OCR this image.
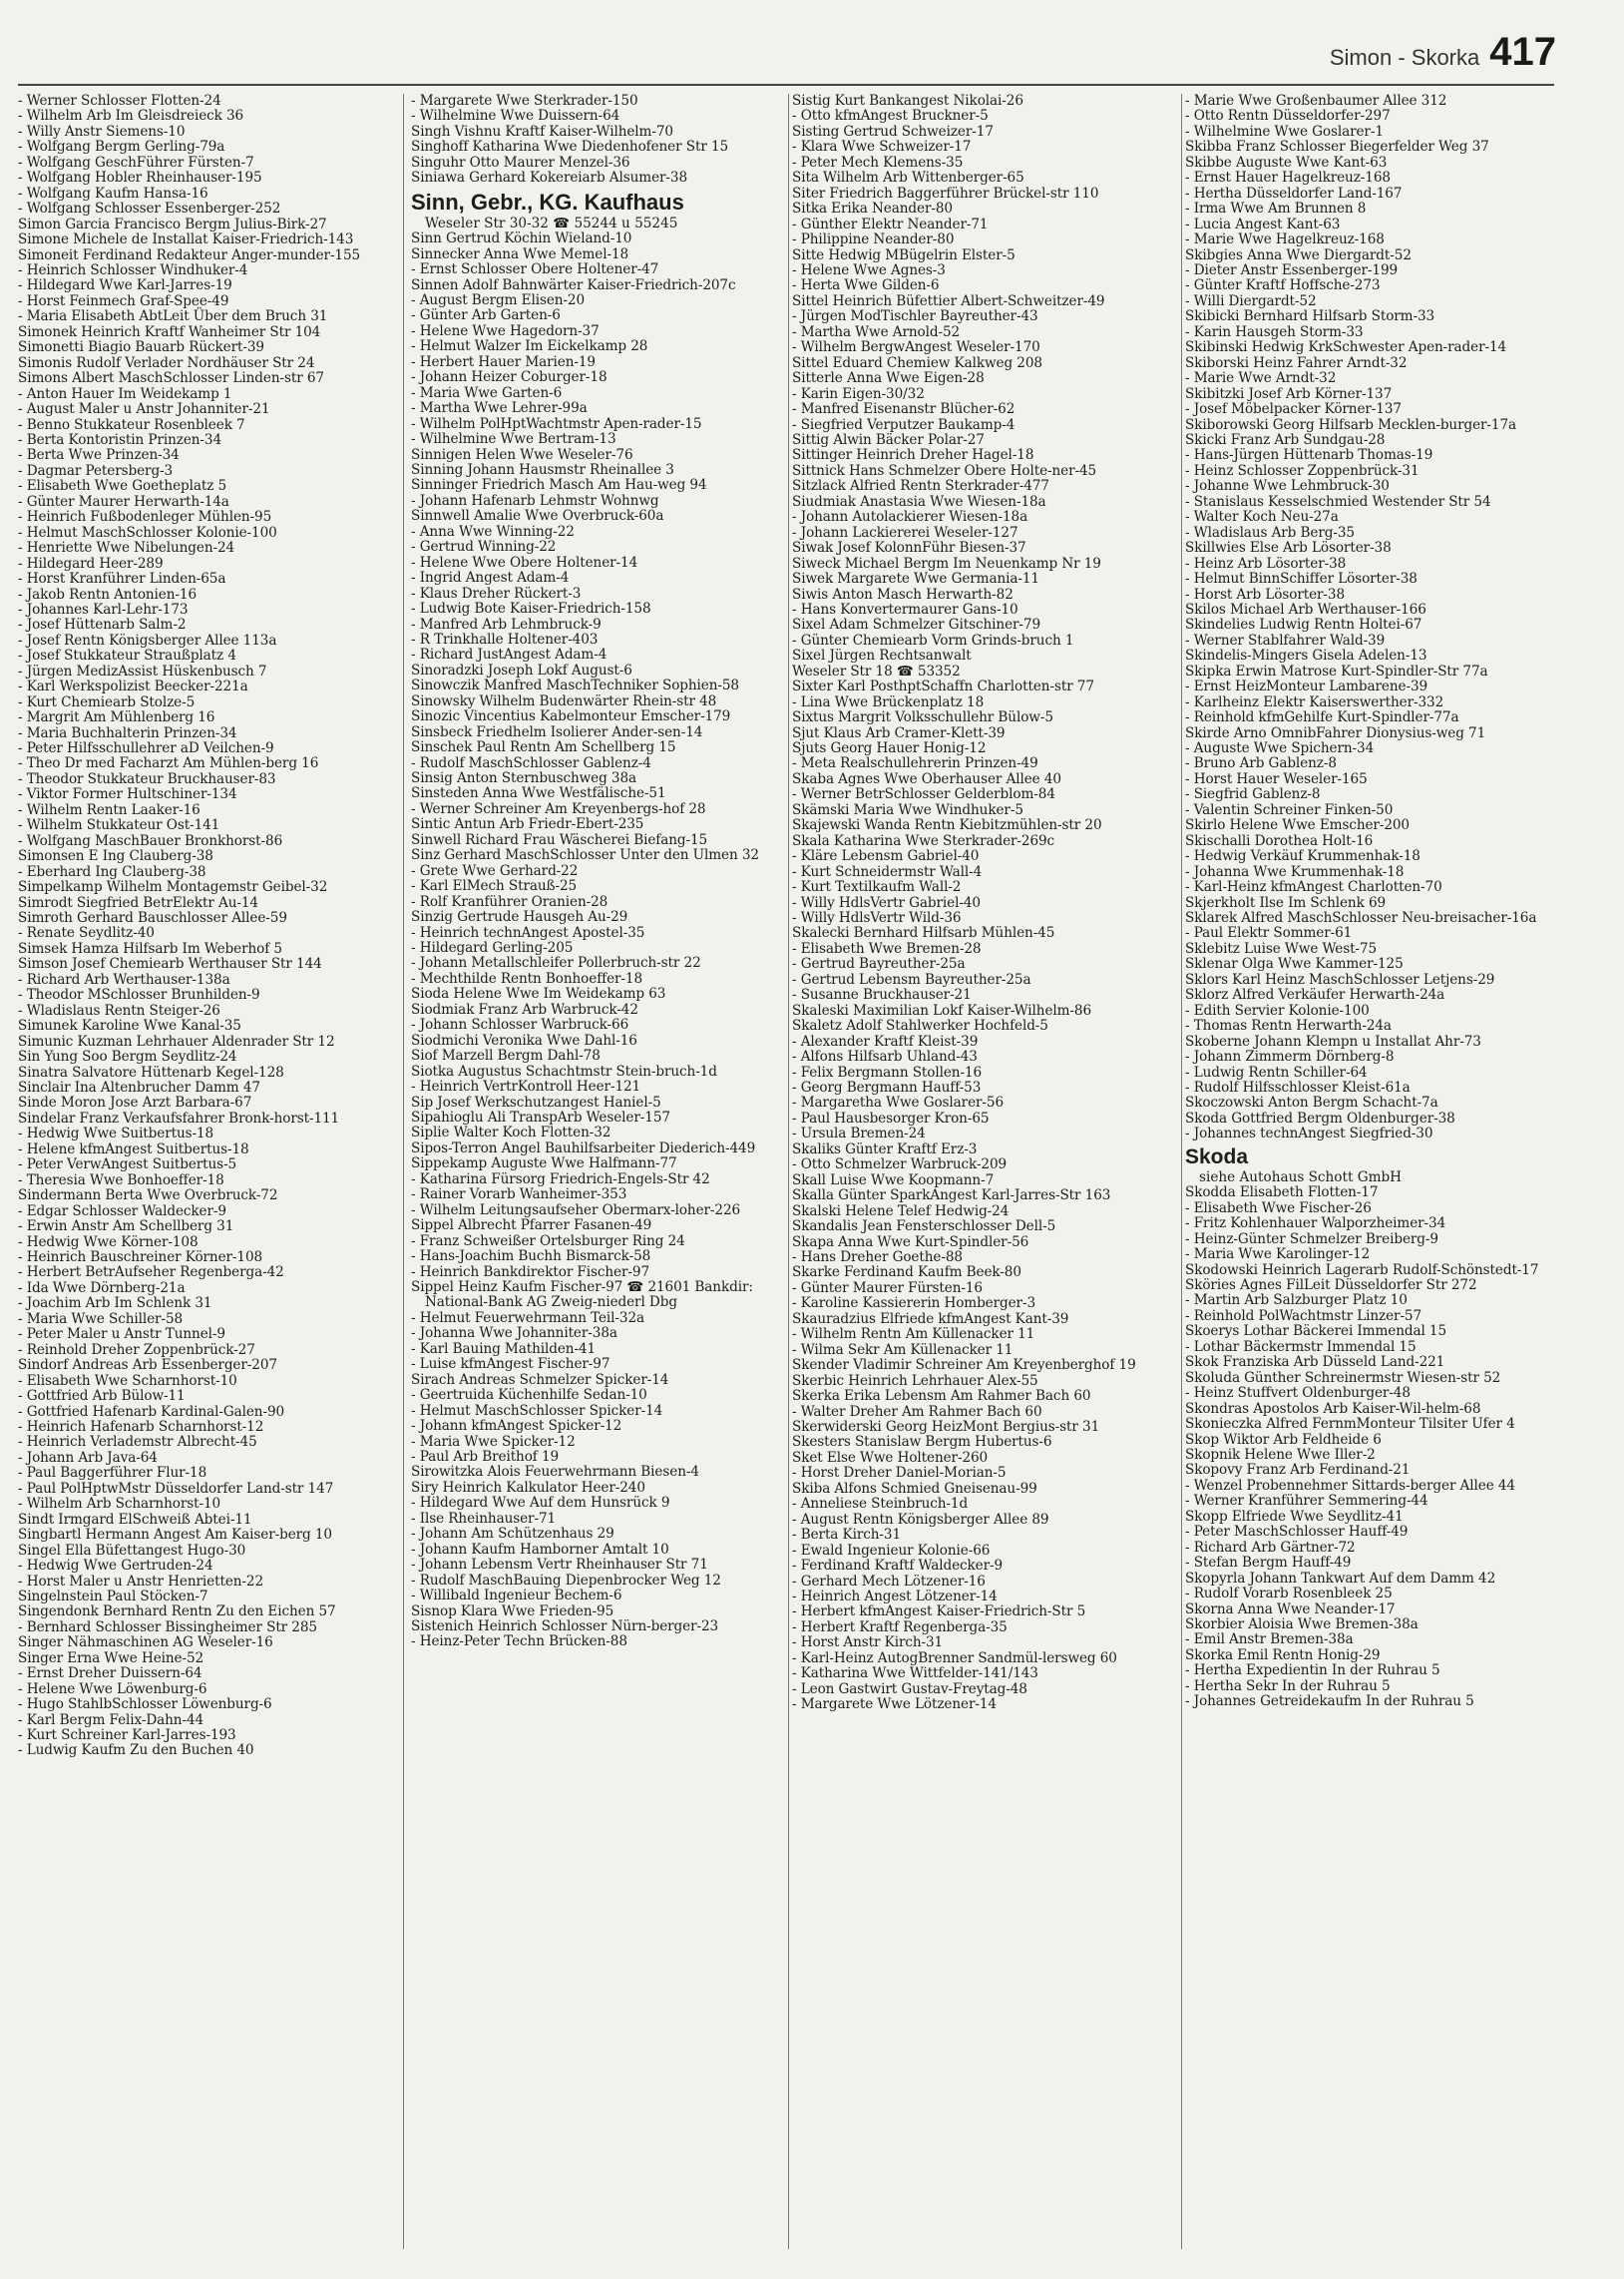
Simon - Skorka 417
- Werner Schlosser Flotten-24
- Wilhelm Arb Im Gleisdreieck 36
- Willy Anstr Siemens-10
- Wolfgang Bergm Gerling-79a
- Wolfgang GeschFührer Fürsten-7
- Wolfgang Hobler Rheinhauser-195
- Wolfgang Kaufm Hansa-16
- Wolfgang Schlosser Essenberger-252
Simon Garcia Francisco Bergm Julius-Birk-27
Simone Michele de Installat Kaiser-Friedrich-143
Simoneit Ferdinand Redakteur Anger-munder-155
- Heinrich Schlosser Windhuker-4
- Hildegard Wwe Karl-Jarres-19
- Horst Feinmech Graf-Spee-49
- Maria Elisabeth AbtLeit Über dem Bruch 31
Simonek Heinrich Kraftf Wanheimer Str 104
Simonetti Biagio Bauarb Rückert-39
Simonis Rudolf Verlader Nordhäuser Str 24
Simons Albert MaschSchlosser Linden-str 67
- Anton Hauer Im Weidekamp 1
- August Maler u Anstr Johanniter-21
- Benno Stukkateur Rosenbleek 7
- Berta Kontoristin Prinzen-34
- Berta Wwe Prinzen-34
- Dagmar Petersberg-3
- Elisabeth Wwe Goetheplatz 5
- Günter Maurer Herwarth-14a
- Heinrich Fußbodenleger Mühlen-95
- Helmut MaschSchlosser Kolonie-100
- Henriette Wwe Nibelungen-24
- Hildegard Heer-289
- Horst Kranführer Linden-65a
- Jakob Rentn Antonien-16
- Johannes Karl-Lehr-173
- Josef Hüttenarb Salm-2
- Josef Rentn Königsberger Allee 113a
- Josef Stukkateur Straußplatz 4
- Jürgen MedizAssist Hüskenbusch 7
- Karl Werkspolizist Beecker-221a
- Kurt Chemiearb Stolze-5
- Margrit Am Mühlenberg 16
- Maria Buchhalterin Prinzen-34
- Peter Hilfsschullehrer aD Veilchen-9
- Theo Dr med Facharzt Am Mühlen-berg 16
- Theodor Stukkateur Bruckhauser-83
- Viktor Former Hultschiner-134
- Wilhelm Rentn Laaker-16
- Wilhelm Stukkateur Ost-141
- Wolfgang MaschBauer Bronkhorst-86
Simonsen E Ing Clauberg-38
- Eberhard Ing Clauberg-38
Simpelkamp Wilhelm Montagemstr Geibel-32
Simrodt Siegfried BetrElektr Au-14
Simroth Gerhard Bauschlosser Allee-59
- Renate Seydlitz-40
Simsek Hamza Hilfsarb Im Weberhof 5
Simson Josef Chemiearb Werthauser Str 144
- Richard Arb Werthauser-138a
- Theodor MSchlosser Brunhilden-9
- Wladislaus Rentn Steiger-26
Simunek Karoline Wwe Kanal-35
Simunic Kuzman Lehrhauer Aldenrader Str 12
Sin Yung Soo Bergm Seydlitz-24
Sinatra Salvatore Hüttenarb Kegel-128
Sinclair Ina Altenbrucher Damm 47
Sinde Moron Jose Arzt Barbara-67
Sindelar Franz Verkaufsfahrer Bronk-horst-111
- Hedwig Wwe Suitbertus-18
- Helene kfmAngest Suitbertus-18
- Peter VerwAngest Suitbertus-5
- Theresia Wwe Bonhoeffer-18
Sindermann Berta Wwe Overbruck-72
- Edgar Schlosser Waldecker-9
- Erwin Anstr Am Schellberg 31
- Hedwig Wwe Körner-108
- Heinrich Bauschreiner Körner-108
- Herbert BetrAufseher Regenberga-42
- Ida Wwe Dörnberg-21a
- Joachim Arb Im Schlenk 31
- Maria Wwe Schiller-58
- Peter Maler u Anstr Tunnel-9
- Reinhold Dreher Zoppenbrück-27
Sindorf Andreas Arb Essenberger-207
- Elisabeth Wwe Scharnhorst-10
- Gottfried Arb Bülow-11
- Gottfried Hafenarb Kardinal-Galen-90
- Heinrich Hafenarb Scharnhorst-12
- Heinrich Verlademstr Albrecht-45
- Johann Arb Java-64
- Paul Baggerführer Flur-18
- Paul PolHptwMstr Düsseldorfer Land-str 147
- Wilhelm Arb Scharnhorst-10
Sindt Irmgard ElSchweiß Abtei-11
Singbartl Hermann Angest Am Kaiser-berg 10
Singel Ella Büfettangest Hugo-30
- Hedwig Wwe Gertruden-24
- Horst Maler u Anstr Henrietten-22
Singelnstein Paul Stöcken-7
Singendonk Bernhard Rentn Zu den Eichen 57
- Bernhard Schlosser Bissingheimer Str 285
Singer Nähmaschinen AG Weseler-16
Singer Erna Wwe Heine-52
- Ernst Dreher Duissern-64
- Helene Wwe Löwenburg-6
- Hugo StahlbSchlosser Löwenburg-6
- Karl Bergm Felix-Dahn-44
- Kurt Schreiner Karl-Jarres-193
- Ludwig Kaufm Zu den Buchen 40
- Margarete Wwe Sterkrader-150
- Wilhelmine Wwe Duissern-64
Singh Vishnu Kraftf Kaiser-Wilhelm-70
Singhoff Katharina Wwe Diedenhofener Str 15
Singuhr Otto Maurer Menzel-36
Siniawa Gerhard Kokereiarb Alsumer-38
Sinn, Gebr., KG. Kaufhaus
Weseler Str 30-32 ☎ 55244 u 55245
Sinn Gertrud Köchin Wieland-10
Sinnecker Anna Wwe Memel-18
- Ernst Schlosser Obere Holtener-47
Sinnen Adolf Bahnwärter Kaiser-Friedrich-207c
- August Bergm Elisen-20
- Günter Arb Garten-6
- Helene Wwe Hagedorn-37
- Helmut Walzer Im Eickelkamp 28
- Herbert Hauer Marien-19
- Johann Heizer Coburger-18
- Maria Wwe Garten-6
- Martha Wwe Lehrer-99a
- Wilhelm PolHptWachtmstr Apen-rader-15
- Wilhelmine Wwe Bertram-13
Sinnigen Helen Wwe Weseler-76
Sinning Johann Hausmstr Rheinallee 3
Sinninger Friedrich Masch Am Hau-weg 94
- Johann Hafenarb Lehmstr Wohnwg
Sinnwell Amalie Wwe Overbruck-60a
- Anna Wwe Winning-22
- Gertrud Winning-22
- Helene Wwe Obere Holtener-14
- Ingrid Angest Adam-4
- Klaus Dreher Rückert-3
- Ludwig Bote Kaiser-Friedrich-158
- Manfred Arb Lehmbruck-9
- R Trinkhalle Holtener-403
- Richard JustAngest Adam-4
Sinoradzki Joseph Lokf August-6
Sinowczik Manfred MaschTechniker Sophien-58
Sinowsky Wilhelm Budenwärter Rhein-str 48
Sinozic Vincentius Kabelmonteur Emscher-179
Sinsbeck Friedhelm Isolierer Ander-sen-14
Sinschek Paul Rentn Am Schellberg 15
- Rudolf MaschSchlosser Gablenz-4
Sinsig Anton Sternbuschweg 38a
Sinsteden Anna Wwe Westfälische-51
- Werner Schreiner Am Kreyenbergs-hof 28
Sintic Antun Arb Friedr-Ebert-235
Sinwell Richard Frau Wäscherei Biefang-15
Sinz Gerhard MaschSchlosser Unter den Ulmen 32
- Grete Wwe Gerhard-22
- Karl ElMech Strauß-25
- Rolf Kranführer Oranien-28
Sinzig Gertrude Hausgeh Au-29
- Heinrich technAngest Apostel-35
- Hildegard Gerling-205
- Johann Metallschleifer Pollerbruch-str 22
- Mechthilde Rentn Bonhoeffer-18
Sioda Helene Wwe Im Weidekamp 63
Siodmiak Franz Arb Warbruck-42
- Johann Schlosser Warbruck-66
Siodmichi Veronika Wwe Dahl-16
Siof Marzell Bergm Dahl-78
Siotka Augustus Schachtmstr Stein-bruch-1d
- Heinrich VertrKontroll Heer-121
Sip Josef Werkschutzangest Haniel-5
Sipahioglu Ali TranspArb Weseler-157
Siplie Walter Koch Flotten-32
Sipos-Terron Angel Bauhilfsarbeiter Diederich-449
Sippekamp Auguste Wwe Halfmann-77
- Katharina Fürsorg Friedrich-Engels-Str 42
- Rainer Vorarb Wanheimer-353
- Wilhelm Leitungsaufseher Obermarx-loher-226
Sippel Albrecht Pfarrer Fasanen-49
- Franz Schweißer Ortelsburger Ring 24
- Hans-Joachim Buchh Bismarck-58
- Heinrich Bankdirektor Fischer-97
Sippel Heinz Kaufm Fischer-97 ☎ 21601 Bankdir: National-Bank AG Zweig-niederl Dbg
- Helmut Feuerwehrmann Teil-32a
- Johanna Wwe Johanniter-38a
- Karl Bauing Mathilden-41
- Luise kfmAngest Fischer-97
Sirach Andreas Schmelzer Spicker-14
- Geertruida Küchenhilfe Sedan-10
- Helmut MaschSchlosser Spicker-14
- Johann kfmAngest Spicker-12
- Maria Wwe Spicker-12
- Paul Arb Breithof 19
Sirowitzka Alois Feuerwehrmann Biesen-4
Siry Heinrich Kalkulator Heer-240
- Hildegard Wwe Auf dem Hunsrück 9
- Ilse Rheinhauser-71
- Johann Am Schützenhaus 29
- Johann Kaufm Hamborner Amtalt 10
- Johann Lebensm Vertr Rheinhauser Str 71
- Rudolf MaschBauing Diepenbrocker Weg 12
- Willibald Ingenieur Bechem-6
Sisnop Klara Wwe Frieden-95
Sistenich Heinrich Schlosser Nürn-berger-23
- Heinz-Peter Techn Brücken-88
Sistig Kurt Bankangest Nikolai-26
- Otto kfmAngest Bruckner-5
Sisting Gertrud Schweizer-17
- Klara Wwe Schweizer-17
- Peter Mech Klemens-35
Sita Wilhelm Arb Wittenberger-65
Siter Friedrich Baggerführer Brückel-str 110
Sitka Erika Neander-80
- Günther Elektr Neander-71
- Philippine Neander-80
Sitte Hedwig MBügelrin Elster-5
- Helene Wwe Agnes-3
- Herta Wwe Gilden-6
Sittel Heinrich Büfettier Albert-Schweitzer-49
- Jürgen ModTischler Bayreuther-43
- Martha Wwe Arnold-52
- Wilhelm BergwAngest Weseler-170
Sittel Eduard Chemiew Kalkweg 208
Sitterle Anna Wwe Eigen-28
- Karin Eigen-30/32
- Manfred Eisenanstr Blücher-62
- Siegfried Verputzer Baukamp-4
Sittig Alwin Bäcker Polar-27
Sittinger Heinrich Dreher Hagel-18
Sittnick Hans Schmelzer Obere Holte-ner-45
Sitzlack Alfried Rentn Sterkrader-477
Siudmiak Anastasia Wwe Wiesen-18a
- Johann Autolackierer Wiesen-18a
- Johann Lackiererei Weseler-127
Siwak Josef KolonnFühr Biesen-37
Siweck Michael Bergm Im Neuenkamp Nr 19
Siwek Margarete Wwe Germania-11
Siwis Anton Masch Herwarth-82
- Hans Konvertermaurer Gans-10
Sixel Adam Schmelzer Gitschiner-79
- Günter Chemiearb Vorm Grinds-bruch 1
Sixel Jürgen Rechtsanwalt
Weseler Str 18 ☎ 53352
Sixter Karl PosthptSchaffn Charlotten-str 77
- Lina Wwe Brückenplatz 18
Sixtus Margrit Volksschullehr Bülow-5
Sjut Klaus Arb Cramer-Klett-39
Sjuts Georg Hauer Honig-12
- Meta Realschullehrerin Prinzen-49
Skaba Agnes Wwe Oberhauser Allee 40
- Werner BetrSchlosser Gelderblom-84
Skämski Maria Wwe Windhuker-5
Skajewski Wanda Rentn Kiebitzmühlen-str 20
Skala Katharina Wwe Sterkrader-269c
- Kläre Lebensm Gabriel-40
- Kurt Schneidermstr Wall-4
- Kurt Textilkaufm Wall-2
- Willy HdlsVertr Gabriel-40
- Willy HdlsVertr Wild-36
Skalecki Bernhard Hilfsarb Mühlen-45
- Elisabeth Wwe Bremen-28
- Gertrud Bayreuther-25a
- Gertrud Lebensm Bayreuther-25a
- Susanne Bruckhauser-21
Skaleski Maximilian Lokf Kaiser-Wilhelm-86
Skaletz Adolf Stahlwerker Hochfeld-5
- Alexander Kraftf Kleist-39
- Alfons Hilfsarb Uhland-43
- Felix Bergmann Stollen-16
- Georg Bergmann Hauff-53
- Margaretha Wwe Goslarer-56
- Paul Hausbesorger Kron-65
- Ursula Bremen-24
Skaliks Günter Kraftf Erz-3
- Otto Schmelzer Warbruck-209
Skall Luise Wwe Koopmann-7
Skalla Günter SparkAngest Karl-Jarres-Str 163
Skalski Helene Telef Hedwig-24
Skandalis Jean Fensterschlosser Dell-5
Skapa Anna Wwe Kurt-Spindler-56
- Hans Dreher Goethe-88
Skarke Ferdinand Kaufm Beek-80
- Günter Maurer Fürsten-16
- Karoline Kassiererin Homberger-3
Skauradzius Elfriede kfmAngest Kant-39
- Wilhelm Rentn Am Küllenacker 11
- Wilma Sekr Am Küllenacker 11
Skender Vladimir Schreiner Am Kreyenberghof 19
Skerbic Heinrich Lehrhauer Alex-55
Skerka Erika Lebensm Am Rahmer Bach 60
- Walter Dreher Am Rahmer Bach 60
Skerwiderski Georg HeizMont Bergius-str 31
Skesters Stanislaw Bergm Hubertus-6
Sket Else Wwe Holtener-260
- Horst Dreher Daniel-Morian-5
Skiba Alfons Schmied Gneisenau-99
- Anneliese Steinbruch-1d
- August Rentn Königsberger Allee 89
- Berta Kirch-31
- Ewald Ingenieur Kolonie-66
- Ferdinand Kraftf Waldecker-9
- Gerhard Mech Lötzener-16
- Heinrich Angest Lötzener-14
- Herbert kfmAngest Kaiser-Friedrich-Str 5
- Herbert Kraftf Regenberga-35
- Horst Anstr Kirch-31
- Karl-Heinz AutogBrenner Sandmül-lersweg 60
- Katharina Wwe Wittfelder-141/143
- Leon Gastwirt Gustav-Freytag-48
- Margarete Wwe Lötzener-14
- Marie Wwe Großenbaumer Allee 312
- Otto Rentn Düsseldorfer-297
- Wilhelmine Wwe Goslarer-1
Skibba Franz Schlosser Biegerfelder Weg 37
Skibbe Auguste Wwe Kant-63
- Ernst Hauer Hagelkreuz-168
- Hertha Düsseldorfer Land-167
- Irma Wwe Am Brunnen 8
- Lucia Angest Kant-63
- Marie Wwe Hagelkreuz-168
Skibgies Anna Wwe Diergardt-52
- Dieter Anstr Essenberger-199
- Günter Kraftf Hoffsche-273
- Willi Diergardt-52
Skibicki Bernhard Hilfsarb Storm-33
- Karin Hausgeh Storm-33
Skibinski Hedwig KrkSchwester Apen-rader-14
Skiborski Heinz Fahrer Arndt-32
- Marie Wwe Arndt-32
Skibitzki Josef Arb Körner-137
- Josef Möbelpacker Körner-137
Skiborowski Georg Hilfsarb Mecklen-burger-17a
Skicki Franz Arb Sundgau-28
- Hans-Jürgen Hüttenarb Thomas-19
- Heinz Schlosser Zoppenbrück-31
- Johanne Wwe Lehmbruck-30
- Stanislaus Kesselschmied Westender Str 54
- Walter Koch Neu-27a
- Wladislaus Arb Berg-35
Skillwies Else Arb Lösorter-38
- Heinz Arb Lösorter-38
- Helmut BinnSchiffer Lösorter-38
- Horst Arb Lösorter-38
Skilos Michael Arb Werthauser-166
Skindelies Ludwig Rentn Holtei-67
- Werner Stablfahrer Wald-39
Skindelis-Mingers Gisela Adelen-13
Skipka Erwin Matrose Kurt-Spindler-Str 77a
- Ernst HeizMonteur Lambarene-39
- Karlheinz Elektr Kaiserswerther-332
- Reinhold kfmGehilfe Kurt-Spindler-77a
Skirde Arno OmnibFahrer Dionysius-weg 71
- Auguste Wwe Spichern-34
- Bruno Arb Gablenz-8
- Horst Hauer Weseler-165
- Siegfrid Gablenz-8
- Valentin Schreiner Finken-50
Skirlo Helene Wwe Emscher-200
Skischalli Dorothea Holt-16
- Hedwig Verkäuf Krummenhak-18
- Johanna Wwe Krummenhak-18
- Karl-Heinz kfmAngest Charlotten-70
Skjerkholt Ilse Im Schlenk 69
Sklarek Alfred MaschSchlosser Neu-breisacher-16a
- Paul Elektr Sommer-61
Sklebitz Luise Wwe West-75
Sklenar Olga Wwe Kammer-125
Sklors Karl Heinz MaschSchlosser Letjens-29
Sklorz Alfred Verkäufer Herwarth-24a
- Edith Servier Kolonie-100
- Thomas Rentn Herwarth-24a
Skoberne Johann Klempn u Installat Ahr-73
- Johann Zimmerm Dörnberg-8
- Ludwig Rentn Schiller-64
- Rudolf Hilfsschlosser Kleist-61a
Skoczowski Anton Bergm Schacht-7a
Skoda Gottfried Bergm Oldenburger-38
- Johannes technAngest Siegfried-30
Skoda
siehe Autohaus Schott GmbH
Skodda Elisabeth Flotten-17
- Elisabeth Wwe Fischer-26
- Fritz Kohlenhauer Walporzheimer-34
- Heinz-Günter Schmelzer Breiberg-9
- Maria Wwe Karolinger-12
Skodowski Heinrich Lagerarb Rudolf-Schönstedt-17
Sköries Agnes FilLeit Düsseldorfer Str 272
- Martin Arb Salzburger Platz 10
- Reinhold PolWachtmstr Linzer-57
Skoerys Lothar Bäckerei Immendal 15
- Lothar Bäckermstr Immendal 15
Skok Franziska Arb Düsseld Land-221
Skoluda Günther Schreinermstr Wiesen-str 52
- Heinz Stuffvert Oldenburger-48
Skondras Apostolos Arb Kaiser-Wil-helm-68
Skonieczka Alfred FernmMonteur Tilsiter Ufer 4
Skop Wiktor Arb Feldheide 6
Skopnik Helene Wwe Iller-2
Skopovy Franz Arb Ferdinand-21
- Wenzel Probennehmer Sittards-berger Allee 44
- Werner Kranführer Semmering-44
Skopp Elfriede Wwe Seydlitz-41
- Peter MaschSchlosser Hauff-49
- Richard Arb Gärtner-72
- Stefan Bergm Hauff-49
Skopyrla Johann Tankwart Auf dem Damm 42
- Rudolf Vorarb Rosenbleek 25
Skorna Anna Wwe Neander-17
Skorbier Aloisia Wwe Bremen-38a
- Emil Anstr Bremen-38a
Skorka Emil Rentn Honig-29
- Hertha Expedientin In der Ruhrau 5
- Hertha Sekr In der Ruhrau 5
- Johannes Getreidekaufm In der Ruhrau 5
